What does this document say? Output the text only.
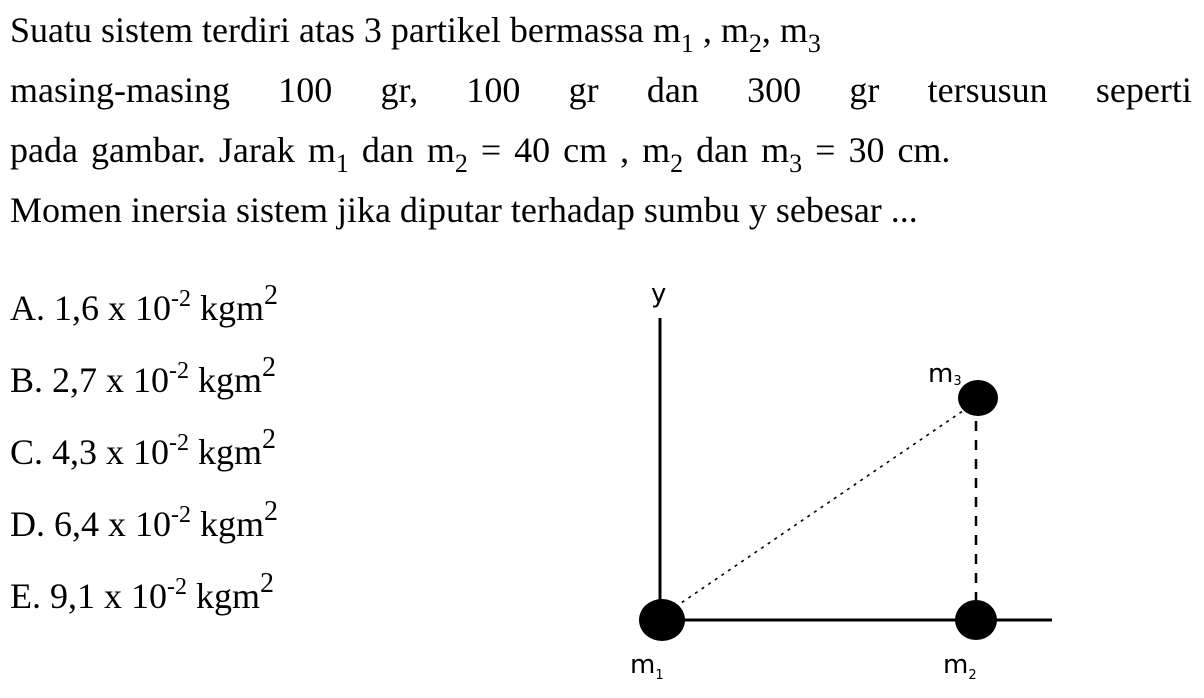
Suatu sistem terdiri atas 3 partikel bermassa $m_1$ , $m_2$, $m_3$
masing-masing 100 gr, 100 gr dan 300 gr tersusun seperti
pada gambar. Jarak $m_1$ dan $m_2 = 40$ cm , $m_2$ dan $m_3 = 30$ cm.
Momen inersia sistem jika diputar terhadap sumbu y sebesar ...
A. 1,6 x $10^{-2}$ kgm$^2$
B. 2,7 x $10^{-2}$ kgm$^2$
C. 4,3 x $10^{-2}$ kgm$^2$
D. 6,4 x $10^{-2}$ kgm$^2$
E. 9,1 x $10^{-2}$ kgm$^2$
y
$m_1$	$m_2$
m3
